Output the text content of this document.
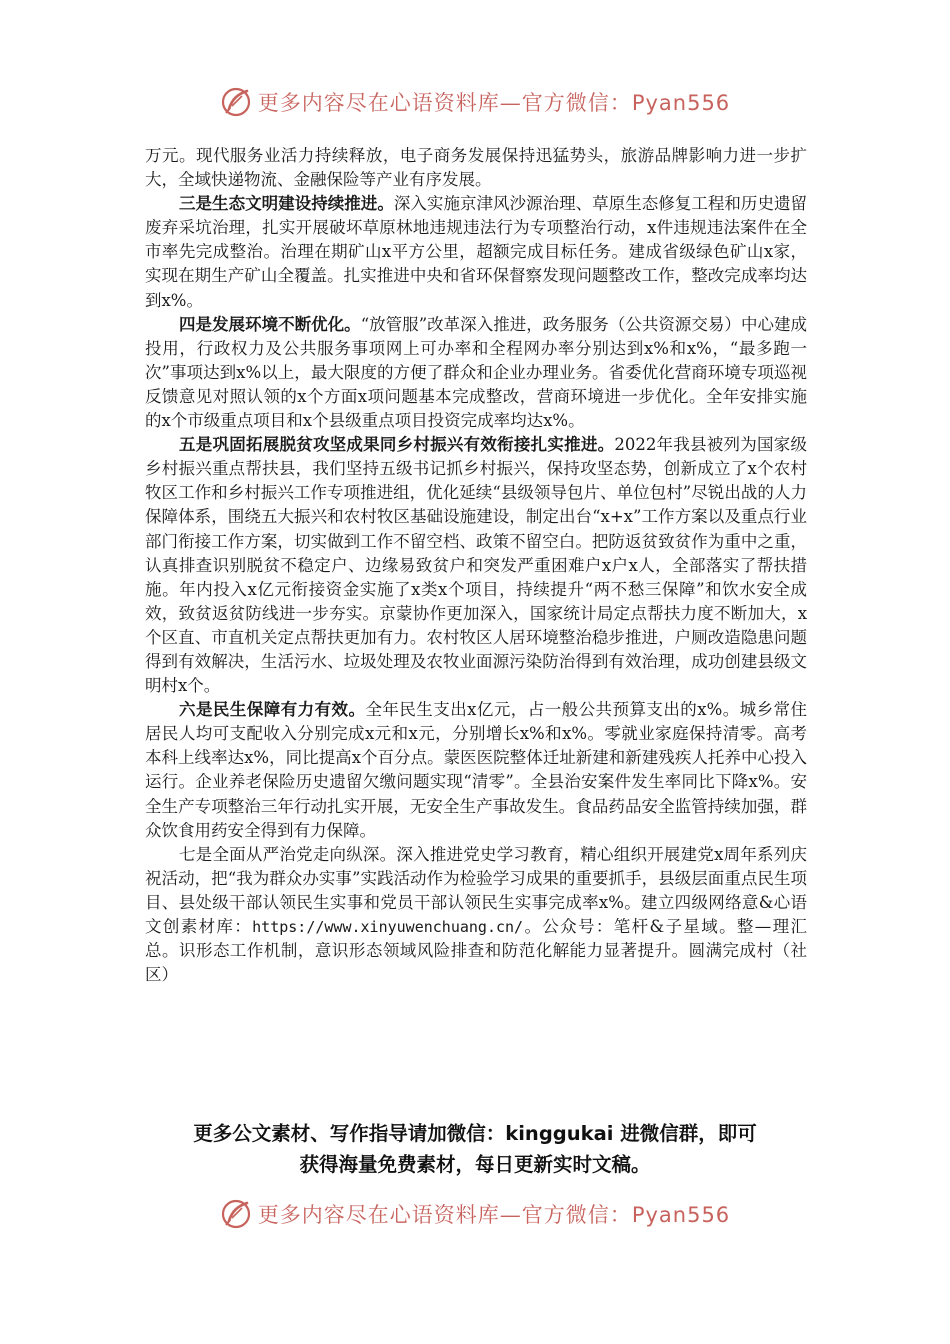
更多内容尽在心语资料库—官方微信：Pyan556

万元。现代服务业活力持续释放，电子商务发展保持迅猛势头，旅游品牌影响力进一步扩大，全域快递物流、金融保险等产业有序发展。

三是生态文明建设持续推进。深入实施京津风沙源治理、草原生态修复工程和历史遗留废弃采坑治理，扎实开展破坏草原林地违规违法行为专项整治行动，x件违规违法案件在全市率先完成整治。治理在期矿山x平方公里，超额完成目标任务。建成省级绿色矿山x家，实现在期生产矿山全覆盖。扎实推进中央和省环保督察发现问题整改工作，整改完成率均达到x%。

四是发展环境不断优化。“放管服”改革深入推进，政务服务（公共资源交易）中心建成投用，行政权力及公共服务事项网上可办率和全程网办率分别达到x%和x%，“最多跑一次”事项达到x%以上，最大限度的方便了群众和企业办理业务。省委优化营商环境专项巡视反馈意见对照认领的x个方面x项问题基本完成整改，营商环境进一步优化。全年安排实施的x个市级重点项目和x个县级重点项目投资完成率均达x%。

五是巩固拓展脱贫攻坚成果同乡村振兴有效衔接扎实推进。2022年我县被列为国家级乡村振兴重点帮扶县，我们坚持五级书记抓乡村振兴，保持攻坚态势，创新成立了x个农村牧区工作和乡村振兴工作专项推进组，优化延续“县级领导包片、单位包村”尽锐出战的人力保障体系，围绕五大振兴和农村牧区基础设施建设，制定出台“x+x”工作方案以及重点行业部门衔接工作方案，切实做到工作不留空档、政策不留空白。把防返贫致贫作为重中之重，认真排查识别脱贫不稳定户、边缘易致贫户和突发严重困难户x户x人，全部落实了帮扶措施。年内投入x亿元衔接资金实施了x类x个项目，持续提升“两不愁三保障”和饮水安全成效，致贫返贫防线进一步夯实。京蒙协作更加深入，国家统计局定点帮扶力度不断加大，x个区直、市直机关定点帮扶更加有力。农村牧区人居环境整治稳步推进，户厕改造隐患问题得到有效解决，生活污水、垃圾处理及农牧业面源污染防治得到有效治理，成功创建县级文明村x个。

六是民生保障有力有效。全年民生支出x亿元，占一般公共预算支出的x%。城乡常住居民人均可支配收入分别完成x元和x元，分别增长x%和x%。零就业家庭保持清零。高考本科上线率达x%，同比提高x个百分点。蒙医医院整体迁址新建和新建残疾人托养中心投入运行。企业养老保险历史遗留欠缴问题实现“清零”。全县治安案件发生率同比下降x%。安全生产专项整治三年行动扎实开展，无安全生产事故发生。食品药品安全监管持续加强，群众饮食用药安全得到有力保障。

七是全面从严治党走向纵深。深入推进党史学习教育，精心组织开展建党x周年系列庆祝活动，把“我为群众办实事”实践活动作为检验学习成果的重要抓手，县级层面重点民生项目、县处级干部认领民生实事和党员干部认领民生实事完成率x%。建立四级网络意&心语文创素材库：https://www.xinyuwenchuang.cn/。公众号：笔杆&子星域。整—理汇总。识形态工作机制，意识形态领域风险排查和防范化解能力显著提升。圆满完成村（社区）

更多公文素材、写作指导请加微信：kinggukai 进微信群，即可
获得海量免费素材，每日更新实时文稿。
更多内容尽在心语资料库—官方微信：Pyan556
